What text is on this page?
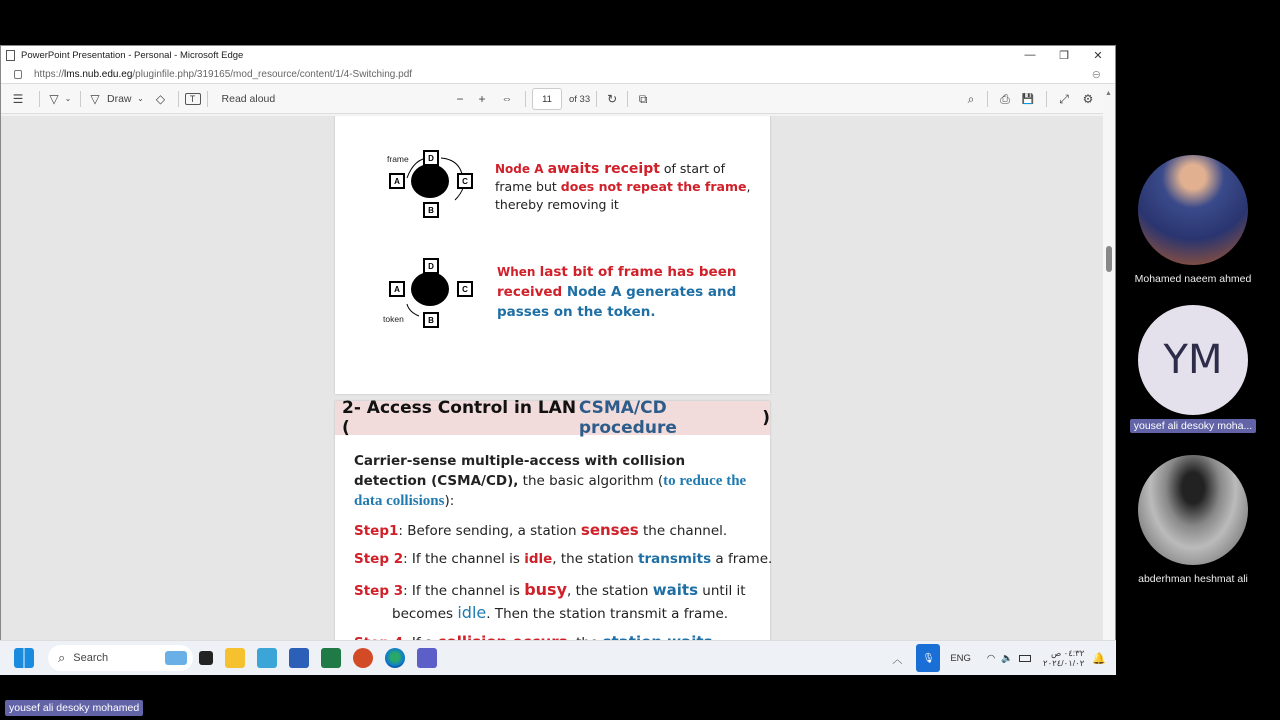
PowerPoint Presentation - Personal - Microsoft Edge	—	❐	✕
https:// lms.nub.edu.eg /pluginfile.php/319165/mod_resource/content/1/4-Switching.pdf	⊖
☰	▽ ⌄ ▽ Draw ⌄	◇	T	Read aloud	−	+	⇔	11	of 33	↻	⧉	⌕	⎙	💾	⤢	⚙
D
A	C
B
frame
Node A awaits receipt of start of frame but does not repeat the frame, thereby removing it
D
A	C
B
token
When last bit of frame has been received Node A generates and passes on the token.
2- Access Control in LAN (
CSMA/CD procedure	)
Carrier-sense multiple-access with collision detection (CSMA/CD), the basic algorithm (to reduce the data collisions):
Step1: Before sending, a station senses the channel.
Step 2: If the channel is idle, the station transmits a frame.
Step 3: If the channel is busy, the station waits until it
becomes idle. Then the station transmit a frame.
▲
⌕ Search	︿	🎙	ENG ◠ 🔈	٠٤:٣٢ ص
٢٠٢٤/٠١/٠٢ 🔔
Mohamed naeem ahmed
YM
yousef ali desoky moha...
abderhman heshmat ali
yousef ali desoky mohamed
